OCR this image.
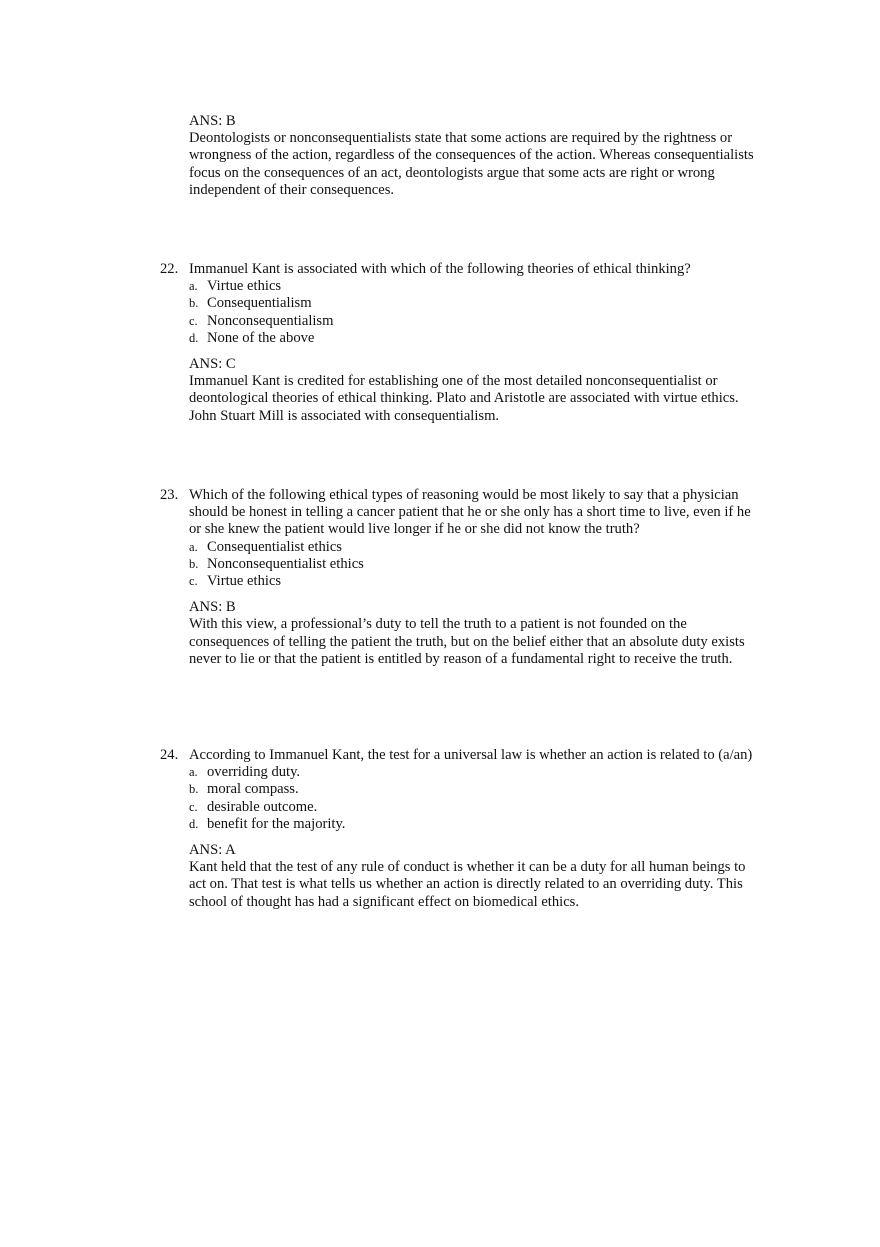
ANS: B
Deontologists or nonconsequentialists state that some actions are required by the rightness or wrongness of the action, regardless of the consequences of the action. Whereas consequentialists focus on the consequences of an act, deontologists argue that some acts are right or wrong independent of their consequences.
22. Immanuel Kant is associated with which of the following theories of ethical thinking?
a. Virtue ethics
b. Consequentialism
c. Nonconsequentialism
d. None of the above
ANS: C
Immanuel Kant is credited for establishing one of the most detailed nonconsequentialist or deontological theories of ethical thinking. Plato and Aristotle are associated with virtue ethics. John Stuart Mill is associated with consequentialism.
23. Which of the following ethical types of reasoning would be most likely to say that a physician should be honest in telling a cancer patient that he or she only has a short time to live, even if he or she knew the patient would live longer if he or she did not know the truth?
a. Consequentialist ethics
b. Nonconsequentialist ethics
c. Virtue ethics
ANS: B
With this view, a professional’s duty to tell the truth to a patient is not founded on the consequences of telling the patient the truth, but on the belief either that an absolute duty exists never to lie or that the patient is entitled by reason of a fundamental right to receive the truth.
24. According to Immanuel Kant, the test for a universal law is whether an action is related to (a/an)
a. overriding duty.
b. moral compass.
c. desirable outcome.
d. benefit for the majority.
ANS: A
Kant held that the test of any rule of conduct is whether it can be a duty for all human beings to act on. That test is what tells us whether an action is directly related to an overriding duty. This school of thought has had a significant effect on biomedical ethics.
